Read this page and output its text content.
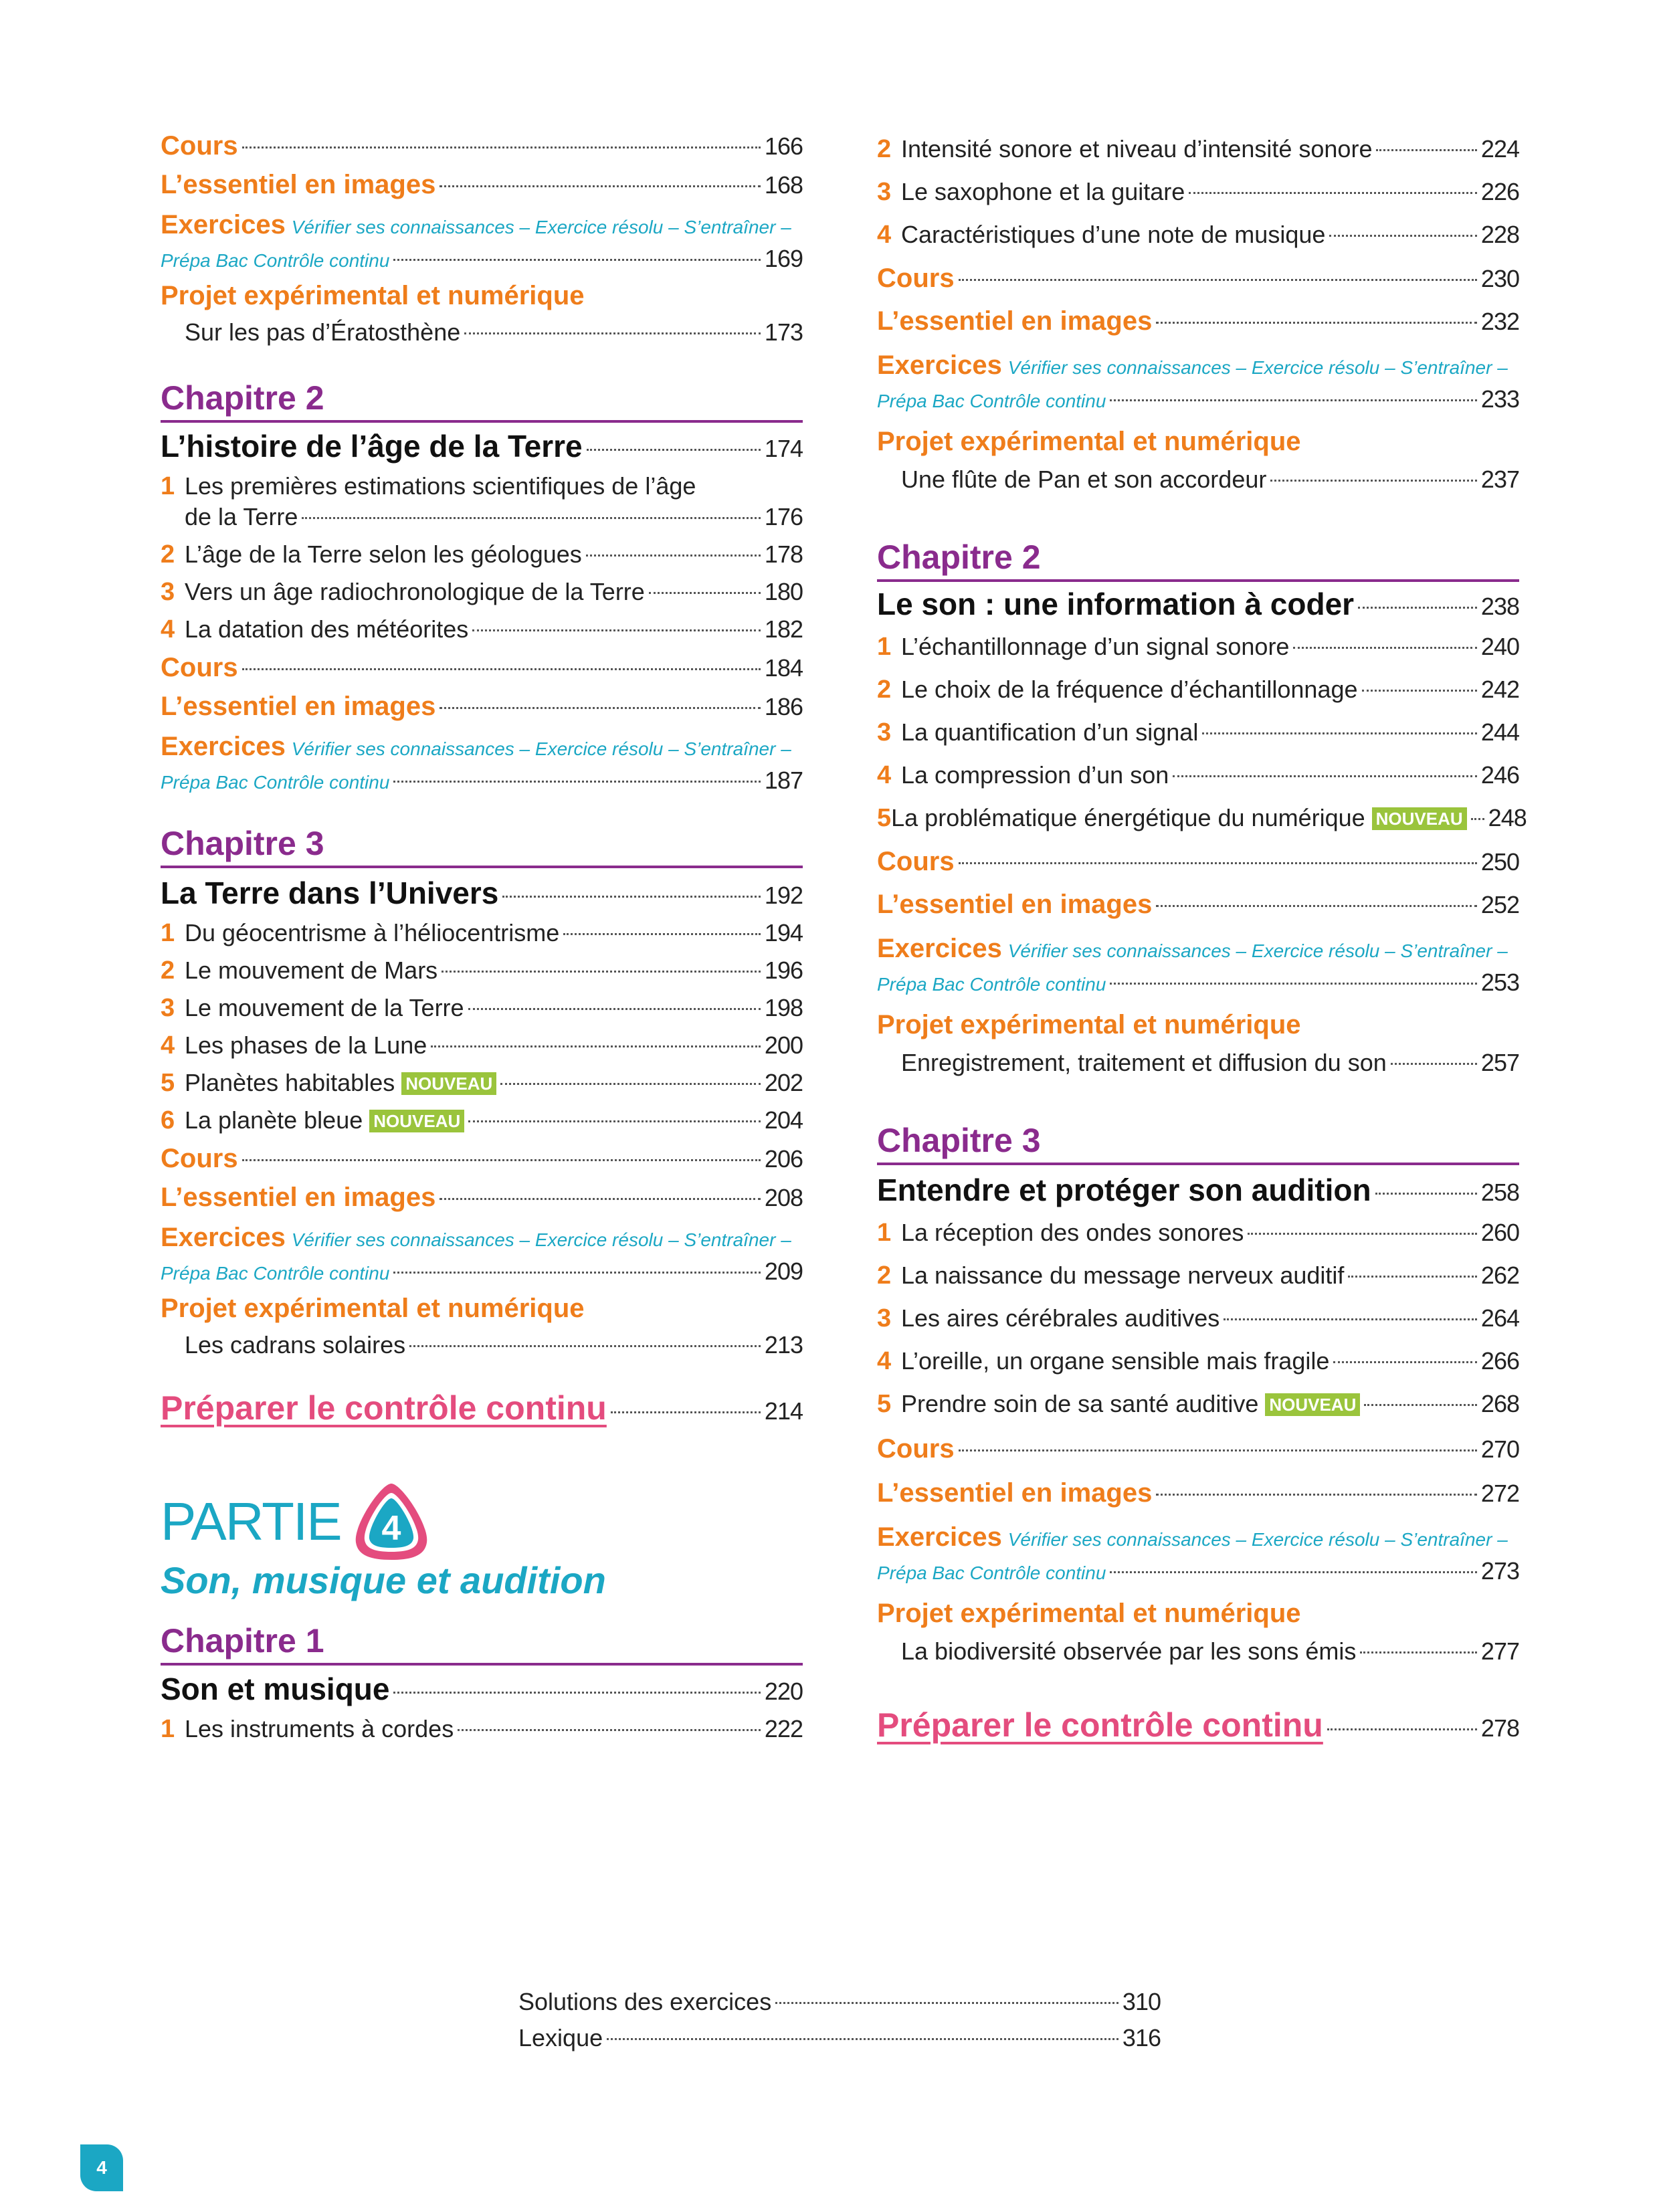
Cours	166
L’essentiel en images	168
Exercices
Vérifier ses connaissances – Exercice résolu – S’entraîner –
Prépa Bac Contrôle continu	169
Projet expérimental et numérique
Sur les pas d’Ératosthène	173
Chapitre 2
L’histoire de l’âge de la Terre	174
1 Les premières estimations scientifiques de l’âge
de la Terre	176
2 L’âge de la Terre selon les géologues	178
3 Vers un âge radiochronologique de la Terre	180
4 La datation des météorites	182
Cours	184
L’essentiel en images	186
Exercices
Vérifier ses connaissances – Exercice résolu – S’entraîner –
Prépa Bac Contrôle continu	187
Chapitre 3
La Terre dans l’Univers	192
1 Du géocentrisme à l’héliocentrisme	194
2 Le mouvement de Mars	196
3 Le mouvement de la Terre	198
4 Les phases de la Lune	200
5 Planètes habitables NOUVEAU	202
6 La planète bleue NOUVEAU	204
Cours	206
L’essentiel en images	208
Exercices
Vérifier ses connaissances – Exercice résolu – S’entraîner –
Prépa Bac Contrôle continu	209
Projet expérimental et numérique
Les cadrans solaires	213
Préparer le contrôle continu	214
Chapitre 1
Son et musique	220
1 Les instruments à cordes	222
PARTIE 4
Son, musique et audition
2 Intensité sonore et niveau d’intensité sonore	224
3 Le saxophone et la guitare	226
4 Caractéristiques d’une note de musique	228
Cours	230
L’essentiel en images	232
Exercices
Vérifier ses connaissances – Exercice résolu – S’entraîner –
Prépa Bac Contrôle continu	233
Projet expérimental et numérique
Une flûte de Pan et son accordeur	237
Chapitre 2
Le son : une information à coder	238
1 L’échantillonnage d’un signal sonore	240
2 Le choix de la fréquence d’échantillonnage	242
3 La quantification d’un signal	244
4 La compression d’un son	246
5 La problématique énergétique du numérique NOUVEAU 248
Cours	250
L’essentiel en images	252
Exercices
Vérifier ses connaissances – Exercice résolu – S’entraîner –
Prépa Bac Contrôle continu	253
Projet expérimental et numérique
Enregistrement, traitement et diffusion du son	257
Chapitre 3
Entendre et protéger son audition	258
1 La réception des ondes sonores	260
2 La naissance du message nerveux auditif	262
3 Les aires cérébrales auditives	264
4 L’oreille, un organe sensible mais fragile	266
5 Prendre soin de sa santé auditive NOUVEAU	268
Cours	270
L’essentiel en images	272
Exercices
Vérifier ses connaissances – Exercice résolu – S’entraîner –
Prépa Bac Contrôle continu	273
Projet expérimental et numérique
La biodiversité observée par les sons émis	277
Préparer le contrôle continu	278
Solutions des exercices	310
Lexique	316
4
